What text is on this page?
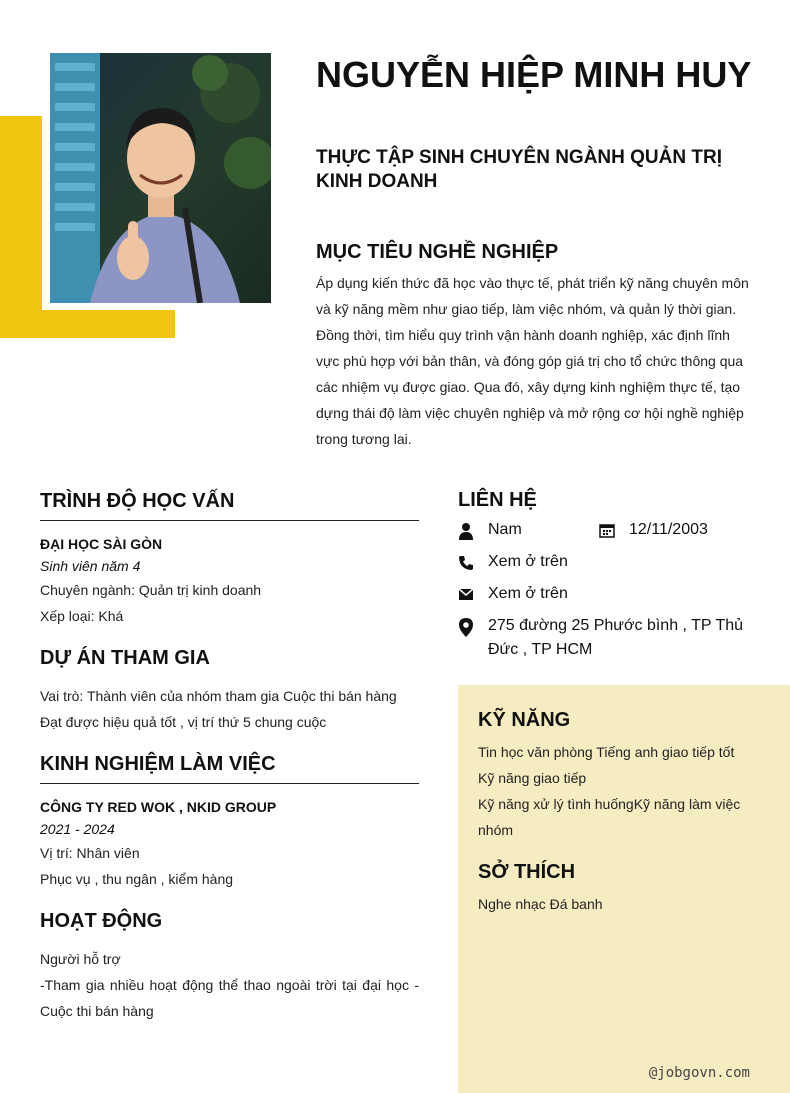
NGUYỄN HIỆP MINH HUY
THỰC TẬP SINH CHUYÊN NGÀNH QUẢN TRỊ KINH DOANH
MỤC TIÊU NGHỀ NGHIỆP

Áp dụng kiến thức đã học vào thực tế, phát triển kỹ năng chuyên môn và kỹ năng mềm như giao tiếp, làm việc nhóm, và quản lý thời gian. Đồng thời, tìm hiểu quy trình vận hành doanh nghiệp, xác định lĩnh vực phù hợp với bản thân, và đóng góp giá trị cho tổ chức thông qua các nhiệm vụ được giao. Qua đó, xây dựng kinh nghiệm thực tế, tạo dựng thái độ làm việc chuyên nghiệp và mở rộng cơ hội nghề nghiệp trong tương lai.

TRÌNH ĐỘ HỌC VẤN
ĐẠI HỌC SÀI GÒN
Sinh viên năm 4
Chuyên ngành: Quản trị kinh doanh
Xếp loại: Khá
DỰ ÁN THAM GIA
Vai trò: Thành viên của nhóm tham gia Cuộc thi bán hàng
Đạt được hiệu quả tốt , vị trí thứ 5 chung cuộc
KINH NGHIỆM LÀM VIỆC
CÔNG TY RED WOK , NKID GROUP
2021 - 2024
Vị trí: Nhân viên
Phục vụ , thu ngân , kiểm hàng
HOẠT ĐỘNG
Người hỗ trợ
-Tham gia nhiều hoạt động thể thao ngoài trời tại đại học - Cuộc thi bán hàng
LIÊN HỆ
Nam	12/11/2003
Xem ở trên
Xem ở trên
275 đường 25 Phước bình , TP Thủ Đức , TP HCM
KỸ NĂNG
Tin học văn phòng Tiếng anh giao tiếp tốt
Kỹ năng giao tiếp
Kỹ năng xử lý tình huốngKỹ năng làm việc nhóm
SỞ THÍCH
Nghe nhạc Đá banh
@jobgovn.com
